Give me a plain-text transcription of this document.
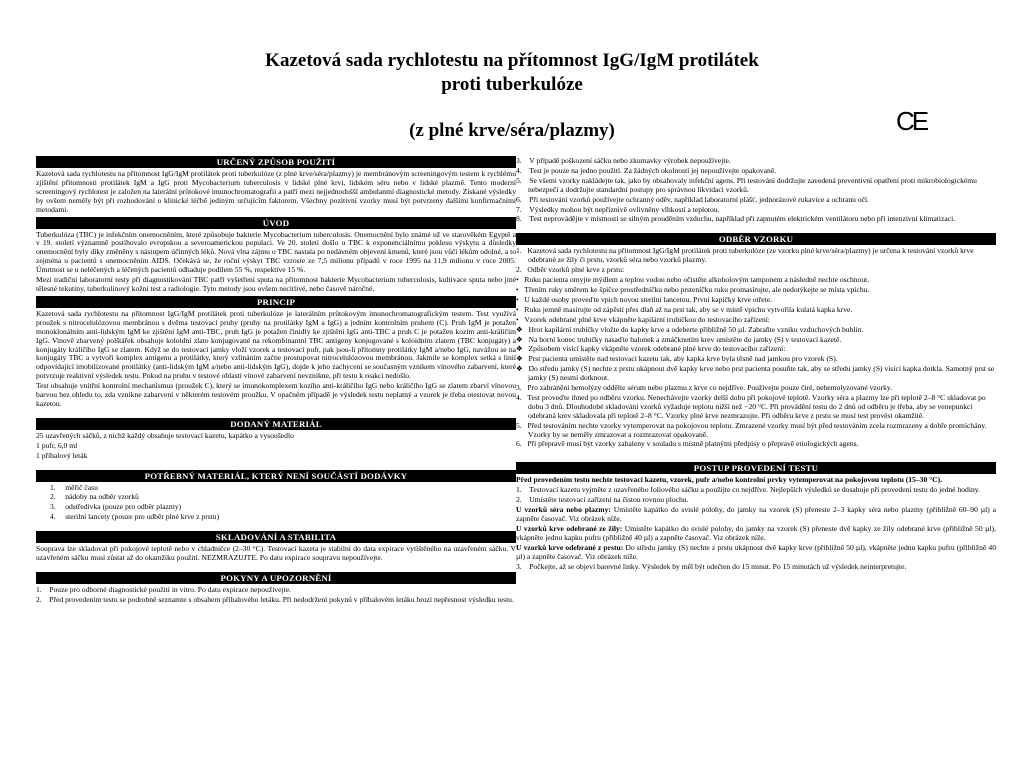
Kazetová sada rychlotestu na přítomnost IgG/IgM protilátek
proti tuberkulóze
(z plné krve/séra/plazmy)	CE
URČENÝ ZPŮSOB POUŽITÍ
Kazetová sada rychlotestu na přítomnost IgG/IgM protilátek proti tuberkulóze (z plné krve/séra/plazmy) je membránovým screeningovým testem k rychlému zjištění přítomnosti protilátek IgM a IgG proti Mycobacterium tuberculosis v lidské plné krvi, lidském séru nebo v lidské plazmě. Tento moderní screeningový rychlotest je založen na laterální průtokové imunochromatografii a patří mezi nejjednodušší ambulantní diagnostické metody. Získané výsledky by ovšem neměly být při rozhodování o klinické léčbě jediným určujícím faktorem. Všechny pozitivní vzorky musí být potvrzeny dalšími konfirmačními metodami.
ÚVOD
Tuberkulóza (TBC) je infekčním onemocněním, které způsobuje bakterie Mycobacterium tuberculosis. Onemocnění bylo známé už ve starověkém Egyptě a v 19. století významně postihovalo evropskou a severoamerickou populaci. Ve 20. století došlo u TBC k exponenciálnímu poklesu výskytu a důsledky onemocnění byly díky změněny s nástupem účinných léků. Nová vlna zájmu o TBC nastala po nedávném objevení kmenů, které jsou vůči lékům odolné, a to zejména u pacientů s onemocněním AIDS. Očekává se, že roční výskyt TBC vzroste ze 7,5 milionu případů v roce 1995 na 11,9 milionu v roce 2005. Úmrtnost se u neléčených a léčených pacientů odhaduje podílem 55 %, respektive 15 %.
Mezi tradiční laboratorní testy při diagnostikování TBC patří vyšetření sputa na přítomnost bakterie Mycobacterium tuberculosis, kultivace sputa nebo jiné tělesné tekutiny, tuberkulinový kožní test a radiologie. Tyto metody jsou ovšem necitlivé, nebo časově náročné.
PRINCIP
Kazetová sada rychlotestu na přítomnost IgG/IgM protilátek proti tuberkulóze je laterálním průtokovým imunochromatografickým testem. Test využívá proužek s nitrocelulózovou membránou s dvěma testovací pruhy (pruhy na protilátky IgM a IgG) a jedním kontrolním pruhem (C). Pruh IgM je potažen monoklonálním anti-lidským IgM ke zjištění IgM anti-TBC, pruh IgG je potažen činidly ke zjištění IgG anti-TBC a pruh C je potažen kozím anti-králičím IgG. Vinově zbarvený polštářek obsahuje koloidní zlato konjugované na rekombinantní TBC antigeny konjugované s koloidním zlatem (TBC konjugáty) a konjugáty králičího IgG se zlatem. Když se do testovací jamky vloží vzorek a testovací pufr, pak jsou-li přítomny protilátky IgM a/nebo IgG, navážou se na konjugáty TBC a vytvoří komplex antigenu a protilátky, který vzlínáním začne prostupovat nitrocelulózovou membránou. Jakmile se komplex setká s linií odpovídající imobilizované protilátky (anti-lidským IgM a/nebo anti-lidským IgG), dojde k jeho zachycení se současným vznikem vínového zabarvení, které potvrzuje reaktivní výsledek testu. Pokud na pruhu v testové oblasti vínové zabarvení nevznikne, při testu k reakci nedošlo.
Test obsahuje vnitřní kontrolní mechanismus (proužek C), který se imunokomplexem kozího anti-králičího IgG nebo králičího IgG se zlatem zbarví vínovou barvou bez ohledu to, zda vznikne zabarvení v některém testovém proužku. V opačném případě je výsledek testu neplatný a vzorek je třeba otestovat novou kazetou.
DODANÝ MATERIÁL
25 uzavřených sáčků, z nichž každý obsahuje testovací kazetu, kapátko a vysoušedlo
1 pufr, 6,0 ml
1 příbalový leták
POTŘEBNÝ MATERIÁL, KTERÝ NENÍ SOUČÁSTÍ DODÁVKY
1.     měřič času
2.     nádoby na odběr vzorků
3.     odstředivka (pouze pro odběr plazmy)
4.     sterilní lancety (pouze pro odběr plné krve z prstu)
SKLADOVÁNÍ A STABILITA
Souprava lze skladovat při pokojové teplotě nebo v chladničce (2–30 °C). Testovací kazeta je stabilní do data expirace vytištěného na uzavřeném sáčku. V uzavřeném sáčku musí zůstat až do okamžiku použití. NEZMRAZUJTE. Po datu expirace soupravu nepoužívejte.
POKYNY A UPOZORNĚNÍ
1.    Pouze pro odborné diagnostické použití in vitro. Po datu expirace nepoužívejte.
2.    Před provedením testu se podrobně seznamte s obsahem příbalového letáku. Při nedodržení pokynů v příbalovém letáku hrozí nepřesnost výsledku testu.
3.    V případě poškození sáčku nebo zkumavky výrobek nepoužívejte.
4.    Test je pouze na jedno použití. Za žádných okolností jej nepoužívejte opakovaně.
5.    Se všemi vzorky nakládejte tak, jako by obsahovaly infekční agens. Při testování dodržujte zavedená preventivní opatření proti mikrobiologickému nebezpečí a dodržujte standardní postupy pro správnou likvidaci vzorků.
6.    Při testování vzorků používejte ochranný oděv, například laboratorní plášť, jednorázové rukavice a ochranu očí.
7.    Výsledky mohou být nepříznivě ovlivněny vlhkostí a teplotou.
8.    Test neprovádějte v místnosti se silným prouděním vzduchu, například při zapnutém elektrickém ventilátoru nebo při intenzivní klimatizaci.
ODBĚR VZORKU
1.   Kazetová sada rychlotestu na přítomnost IgG/IgM protilátek proti tuberkulóze (ze vzorku plné krve/séra/plazmy) je určena k testování vzorků krve odebrané ze žíly či prstu, vzorků séra nebo vzorků plazmy.
2.   Odběr vzorků plné krve z prstu:
•   Ruku pacienta omyjte mýdlem a teplou vodou nebo očistěte alkoholovým tamponem a následně nechte oschnout.
•   Třením ruky směrem ke špičce prostředníčku nebo prsteníčku ruku promasírujte, ale nedotýkejte se místa vpichu.
•   U každé osoby proveďte vpich novou sterilní lancetou. První kapičky krve otřete.
•   Ruku jemně masírujte od zápěstí přes dlaň až na prst tak, aby se v místě vpichu vytvořila kulatá kapka krve.
•   Vzorek odebrané plné krve vkápněte kapilární trubičkou do testovacího zařízení:
❖   Hrot kapilární trubičky vložte do kapky krve a odeberte přibližně 50 µl. Zabraňte vzniku vzduchových bublin.
❖   Na horní konec trubičky nasaďte balonek a zmáčknutím krev umístěte do jamky (S) v testovací kazetě.
❖   Způsobem visící kapky vkápněte vzorek odebrané plné krve do testovacího zařízení:
❖   Prst pacienta umístěte nad testovací kazetu tak, aby kapka krve byla těsně nad jamkou pro vzorek (S).
❖   Do středu jamky (S) nechte z prstu ukápnout dvě kapky krve nebo prst pacienta posuňte tak, aby se středu jamky (S) visící kapka dotkla. Samotný prst se jamky (S) nesmí dotknout.
3.   Pro zabránění hemolýzy oddělte sérum nebo plazmu z krve co nejdříve. Používejte pouze čiré, nehemolyzované vzorky.
4.   Test proveďte ihned po odběru vzorku. Nenechávejte vzorky delší dobu při pokojové teplotě. Vzorky séra a plazmy lze při teplotě 2–8 °C skladovat po dobu 3 dnů. Dlouhodobé skladování vzorků vyžaduje teplotu nižší než −20 °C. Při provádění testu do 2 dnů od odběru je třeba, aby se venepunkcí odebraná krev skladovala při teplotě 2–8 °C. Vzorky plné krve nezmrazujte. Při odběru krve z prstu se musí test provést okamžitě.
5.   Před testováním nechte vzorky vytemperovat na pokojovou teplotu. Zmrazené vzorky musí být před testováním zcela rozmrazeny a dobře promíchány. Vzorky by se neměly zmrazovat a rozmrazovat opakovaně.
6.   Při přepravě musí být vzorky zabaleny v souladu s místně platnými předpisy o přepravě etiologických agens.
POSTUP PROVEDENÍ TESTU
Před provedením testu nechte testovací kazetu, vzorek, pufr a/nebo kontrolní prvky vytemperovat na pokojovou teplotu (15–30 °C).
1.    Testovací kazetu vyjměte z uzavřeného foliového sáčku a použijte co nejdříve. Nejlepších výsledků se dosahuje při provedení testu do jedné hodiny.
2.    Umístěte testovací zařízení na čistou rovnou plochu.
U vzorků séra nebo plazmy: Umístěte kapátko do svislé polohy, do jamky na vzorek (S) přeneste 2–3 kapky séra nebo plazmy (přibližně 60–90 µl) a zapněte časovač. Viz obrázek níže.
U vzorků krve odebrané ze žíly: Umístěte kapátko do svislé polohy, do jamky na vzorek (S) přeneste dvě kapky ze žíly odebrané krve (přibližně 50 µl), vkápněte jednu kapku pufru (přibližně 40 µl) a zapněte časovač. Viz obrázek níže.
U vzorků krve odebrané z prstu: Do středu jamky (S) nechte z prstu ukápnout dvě kapky krve (přibližně 50 µl), vkápněte jednu kapku pufru (přibližně 40 µl) a zapněte časovač. Viz obrázek níže.
3.    Počkejte, až se objeví barevné linky. Výsledek by měl být odečten do 15 minut. Po 15 minutách už výsledek neinterpretujte.
